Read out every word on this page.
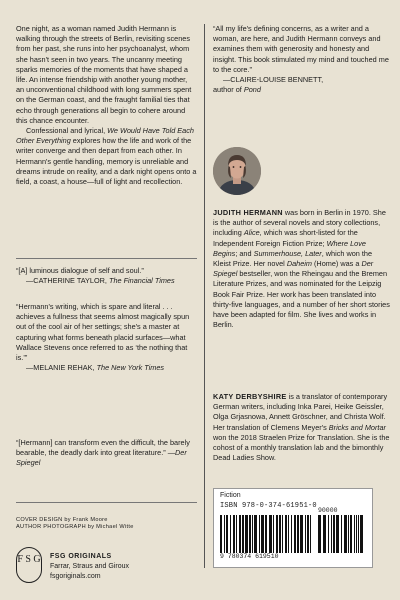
One night, as a woman named Judith Hermann is walking through the streets of Berlin, revisiting scenes from her past, she runs into her psychoanalyst, whom she hasn't seen in two years. The uncanny meeting sparks memories of the moments that have shaped a life. An intense friendship with another young mother, an unconventional childhood with long summers spent on the German coast, and the fraught familial ties that echo through generations all begin to cohere around this chance encounter.

Confessional and lyrical, We Would Have Told Each Other Everything explores how the life and work of the writer converge and then depart from each other. In Hermann's gentle handling, memory is unreliable and dreams intrude on reality, and a dark night opens onto a field, a coast, a house—full of light and recollection.

“[A] luminous dialogue of self and soul.”

—CATHERINE TAYLOR, The Financial Times

“Hermann's writing, which is spare and literal . . . achieves a fullness that seems almost magically spun out of the cool air of her settings; she's a master at capturing what forms beneath placid surfaces—what Wallace Stevens once referred to as ‘the nothing that is.’”

—MELANIE REHAK, The New York Times

“[Hermann] can transform even the difficult, the barely bearable, the deadly dark into great literature.” —Der Spiegel

COVER DESIGN by Frank Moore
AUTHOR PHOTOGRAPH by Michael Witte
F S G FSG ORIGINALS
Farrar, Straus and Giroux
fsgoriginals.com

“All my life's defining concerns, as a writer and a woman, are here, and Judith Hermann conveys and examines them with generosity and honesty and insight. This book stimulated my mind and touched me to the core.”

—CLAIRE-LOUISE BENNETT,
author of Pond

JUDITH HERMANN was born in Berlin in 1970. She is the author of several novels and story collections, including Alice, which was short-listed for the Independent Foreign Fiction Prize; Where Love Begins; and Summerhouse, Later, which won the Kleist Prize. Her novel Daheim (Home) was a Der Spiegel bestseller, won the Rheingau and the Bremen Literature Prizes, and was nominated for the Leipzig Book Fair Prize. Her work has been translated into thirty-five languages, and a number of her short stories have been adapted for film. She lives and works in Berlin.

KATY DERBYSHIRE is a translator of contemporary German writers, including Inka Parei, Heike Geissler, Olga Grjasnowa, Annett Gröschner, and Christa Wolf. Her translation of Clemens Meyer's Bricks and Mortar won the 2018 Straelen Prize for Translation. She is the cohost of a monthly translation lab and the bimonthly Dead Ladies Show.

Fiction
ISBN 978-0-374-61951-0
90000
9 780374 619510
